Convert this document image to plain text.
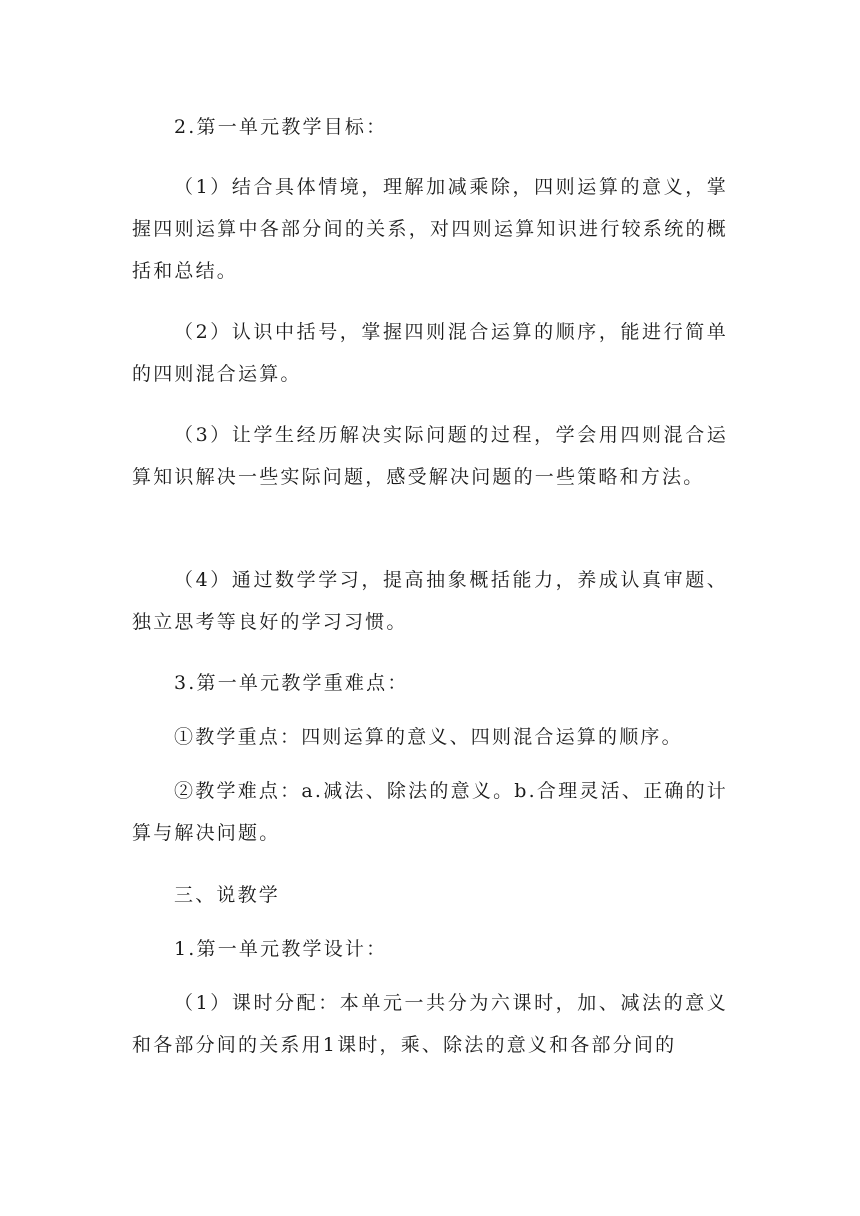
2.第一单元教学目标：

（1）结合具体情境，理解加减乘除，四则运算的意义，掌握四则运算中各部分间的关系，对四则运算知识进行较系统的概括和总结。

（2）认识中括号，掌握四则混合运算的顺序，能进行简单的四则混合运算。

（3）让学生经历解决实际问题的过程，学会用四则混合运算知识解决一些实际问题，感受解决问题的一些策略和方法。

（4）通过数学学习，提高抽象概括能力，养成认真审题、独立思考等良好的学习习惯。

3.第一单元教学重难点：

①教学重点：四则运算的意义、四则混合运算的顺序。

②教学难点：a.减法、除法的意义。b.合理灵活、正确的计算与解决问题。

三、说教学

1.第一单元教学设计：

（1）课时分配：本单元一共分为六课时，加、减法的意义和各部分间的关系用1课时，乘、除法的意义和各部分间的
